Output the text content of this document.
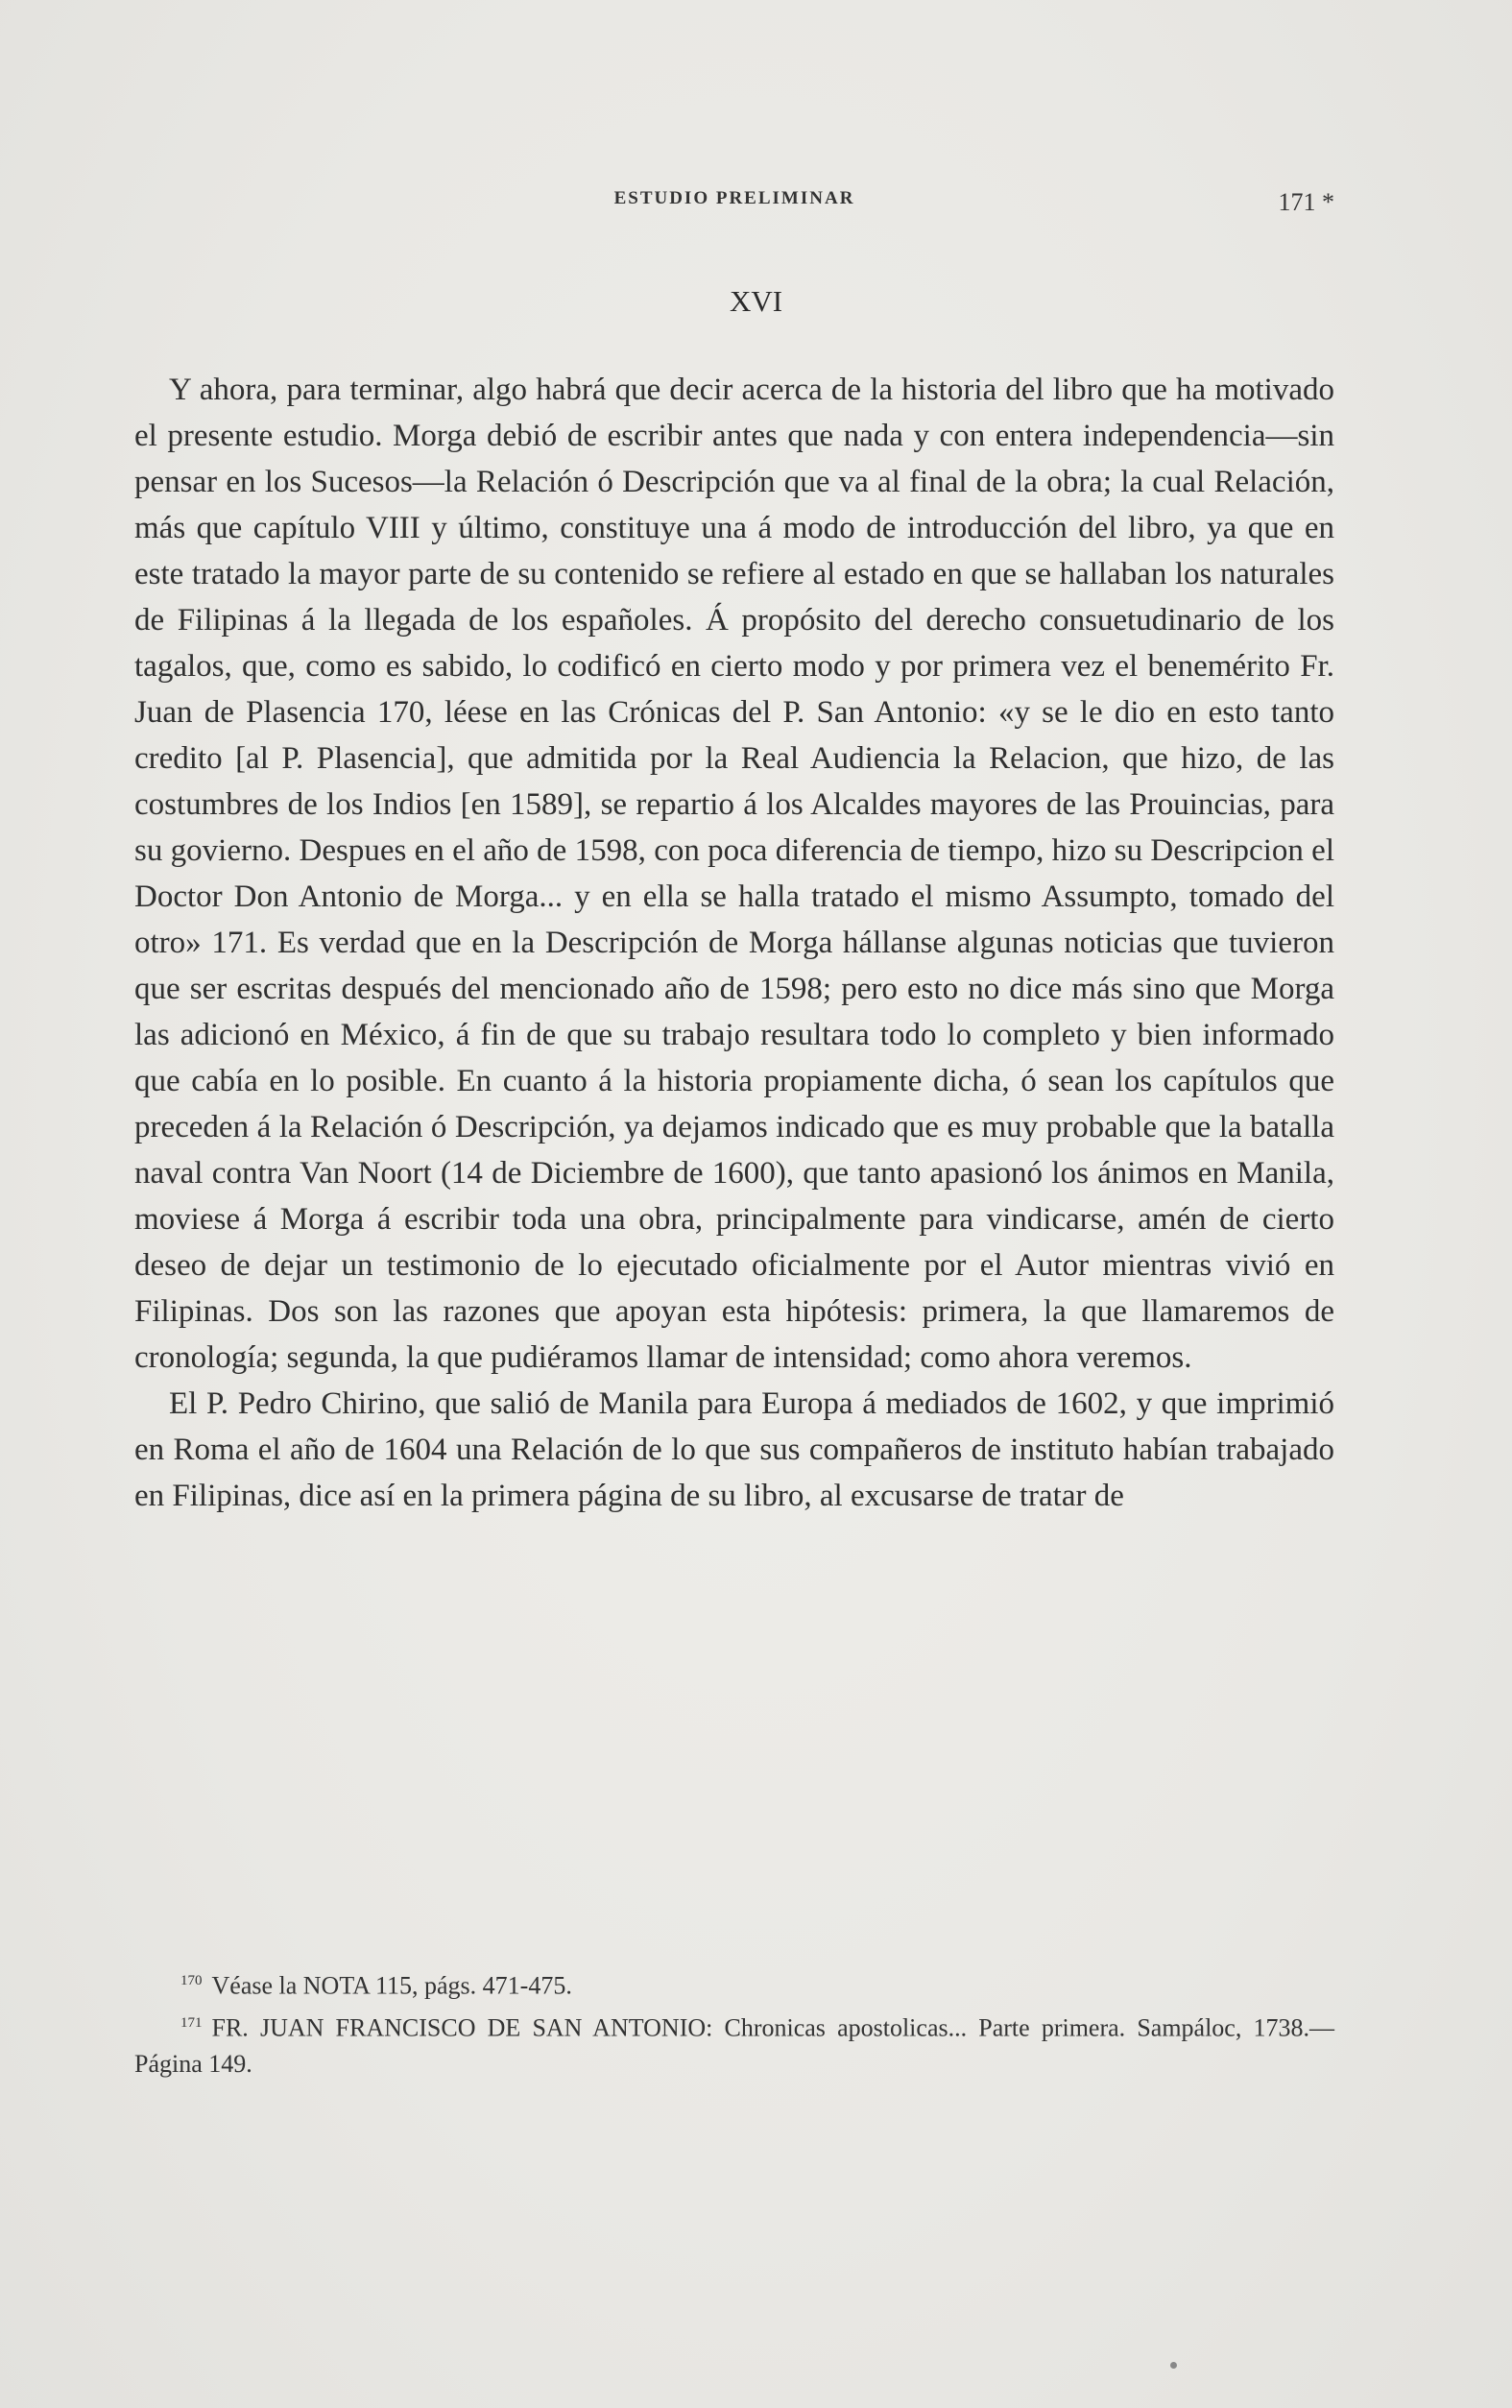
ESTUDIO PRELIMINAR	171 *
XVI

Y ahora, para terminar, algo habrá que decir acerca de la historia del libro que ha motivado el presente estudio. Morga debió de escribir antes que nada y con entera independencia—sin pensar en los Sucesos—la Relación ó Descripción que va al final de la obra; la cual Relación, más que capítulo VIII y último, constituye una á modo de introducción del libro, ya que en este tratado la mayor parte de su contenido se refiere al estado en que se hallaban los naturales de Filipinas á la llegada de los españoles. Á propósito del derecho consuetudinario de los tagalos, que, como es sabido, lo codificó en cierto modo y por primera vez el benemérito Fr. Juan de Plasencia 170, léese en las Crónicas del P. San Antonio: «y se le dio en esto tanto credito [al P. Plasencia], que admitida por la Real Audiencia la Relacion, que hizo, de las costumbres de los Indios [en 1589], se repartio á los Alcaldes mayores de las Prouincias, para su govierno. Despues en el año de 1598, con poca diferencia de tiempo, hizo su Descripcion el Doctor Don Antonio de Morga... y en ella se halla tratado el mismo Assumpto, tomado del otro» 171. Es verdad que en la Descripción de Morga hállanse algunas noticias que tuvieron que ser escritas después del mencionado año de 1598; pero esto no dice más sino que Morga las adicionó en México, á fin de que su trabajo resultara todo lo completo y bien informado que cabía en lo posible. En cuanto á la historia propiamente dicha, ó sean los capítulos que preceden á la Relación ó Descripción, ya dejamos indicado que es muy probable que la batalla naval contra Van Noort (14 de Diciembre de 1600), que tanto apasionó los ánimos en Manila, moviese á Morga á escribir toda una obra, principalmente para vindicarse, amén de cierto deseo de dejar un testimonio de lo ejecutado oficialmente por el Autor mientras vivió en Filipinas. Dos son las razones que apoyan esta hipótesis: primera, la que llamaremos de cronología; segunda, la que pudiéramos llamar de intensidad; como ahora veremos.

El P. Pedro Chirino, que salió de Manila para Europa á mediados de 1602, y que imprimió en Roma el año de 1604 una Relación de lo que sus compañeros de instituto habían trabajado en Filipinas, dice así en la primera página de su libro, al excusarse de tratar de

$^{170}$ Véase la NOTA 115, págs. 471-475.

$^{171}$ FR. JUAN FRANCISCO DE SAN ANTONIO: Chronicas apostolicas... Parte primera. Sampáloc, 1738.—Página 149.
